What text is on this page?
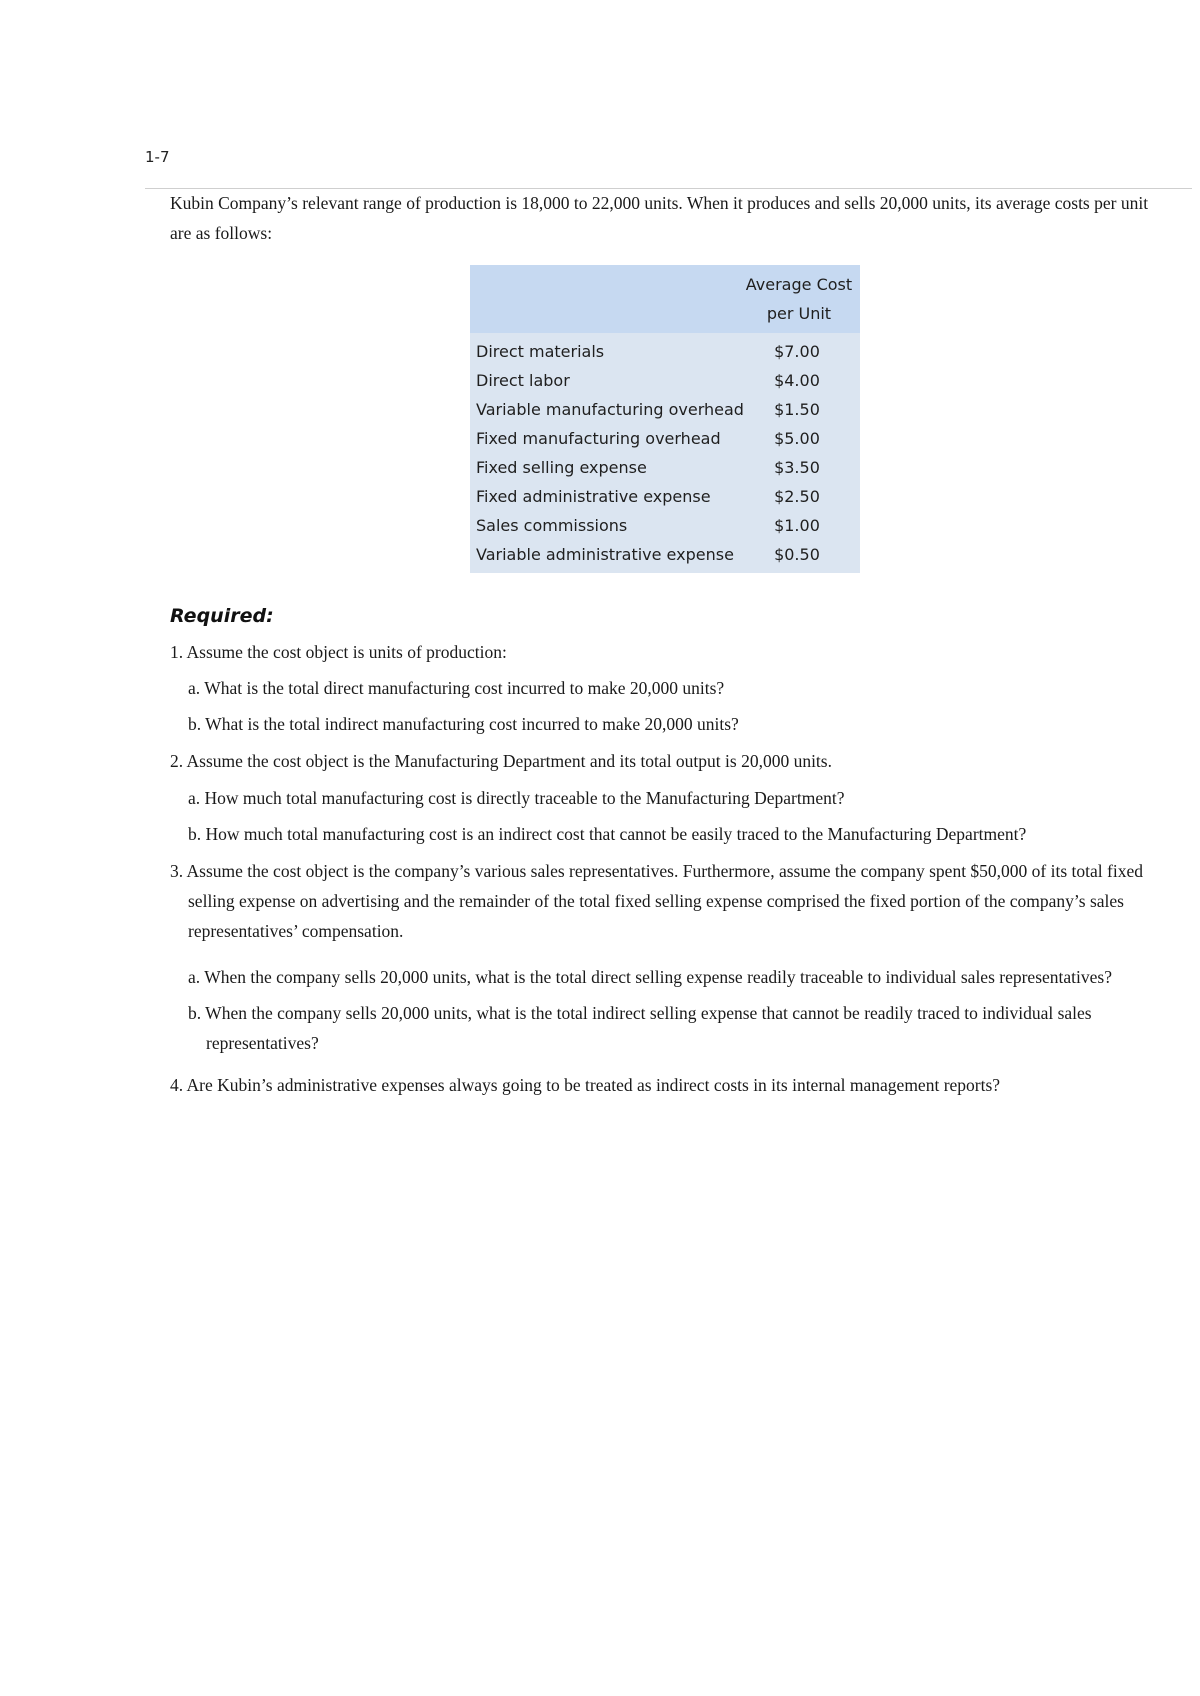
1-7
Kubin Company’s relevant range of production is 18,000 to 22,000 units. When it produces and sells 20,000 units, its average costs per unit are as follows:

	Average Cost
per Unit

Direct materials	$7.00
Direct labor	$4.00
Variable manufacturing overhead	$1.50
Fixed manufacturing overhead	$5.00
Fixed selling expense	$3.50
Fixed administrative expense	$2.50
Sales commissions	$1.00
Variable administrative expense	$0.50
Required:
1. Assume the cost object is units of production:
a. What is the total direct manufacturing cost incurred to make 20,000 units?
b. What is the total indirect manufacturing cost incurred to make 20,000 units?
2. Assume the cost object is the Manufacturing Department and its total output is 20,000 units.
a. How much total manufacturing cost is directly traceable to the Manufacturing Department?
b. How much total manufacturing cost is an indirect cost that cannot be easily traced to the Manufacturing Department?
3. Assume the cost object is the company’s various sales representatives. Furthermore, assume the company spent $50,000 of its total fixed selling expense on advertising and the remainder of the total fixed selling expense comprised the fixed portion of the company’s sales representatives’ compensation.
a. When the company sells 20,000 units, what is the total direct selling expense readily traceable to individual sales representatives?
b. When the company sells 20,000 units, what is the total indirect selling expense that cannot be readily traced to individual sales representatives?
4. Are Kubin’s administrative expenses always going to be treated as indirect costs in its internal management reports?
